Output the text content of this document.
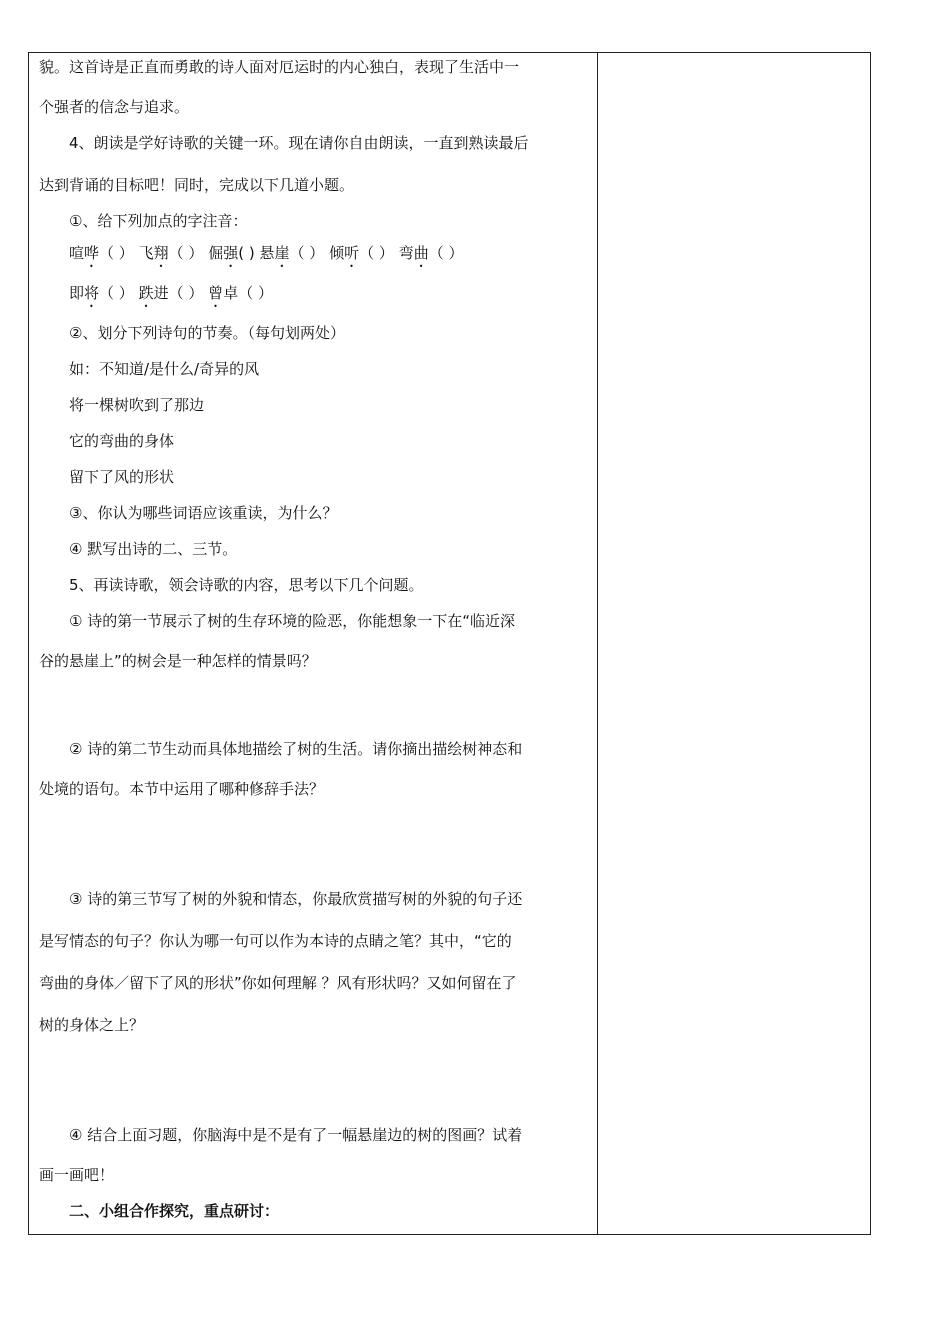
貌。这首诗是正直而勇敢的诗人面对厄运时的内心独白，表现了生活中一
个强者的信念与追求。
4、朗读是学好诗歌的关键一环。现在请你自由朗读，一直到熟读最后
达到背诵的目标吧！同时，完成以下几道小题。
①、给下列加点的字注音：
喧哗（ ） 飞翔（ ） 倔强( ) 悬崖（ ） 倾听（ ） 弯曲（ ）
即将（ ） 跌进（ ） 曾卓（ ）
②、划分下列诗句的节奏。（每句划两处）
如：不知道/是什么/奇异的风
将一棵树吹到了那边
它的弯曲的身体
留下了风的形状
③、你认为哪些词语应该重读，为什么？
④ 默写出诗的二、三节。
5、再读诗歌，领会诗歌的内容，思考以下几个问题。
① 诗的第一节展示了树的生存环境的险恶，你能想象一下在“临近深
谷的悬崖上”的树会是一种怎样的情景吗？
② 诗的第二节生动而具体地描绘了树的生活。请你摘出描绘树神态和
处境的语句。本节中运用了哪种修辞手法？
③ 诗的第三节写了树的外貌和情态，你最欣赏描写树的外貌的句子还
是写情态的句子？你认为哪一句可以作为本诗的点睛之笔？其中，“它的
弯曲的身体／留下了风的形状”你如何理解 ？风有形状吗？又如何留在了
树的身体之上？
④ 结合上面习题，你脑海中是不是有了一幅悬崖边的树的图画？试着
画一画吧！
二、小组合作探究，重点研讨：
